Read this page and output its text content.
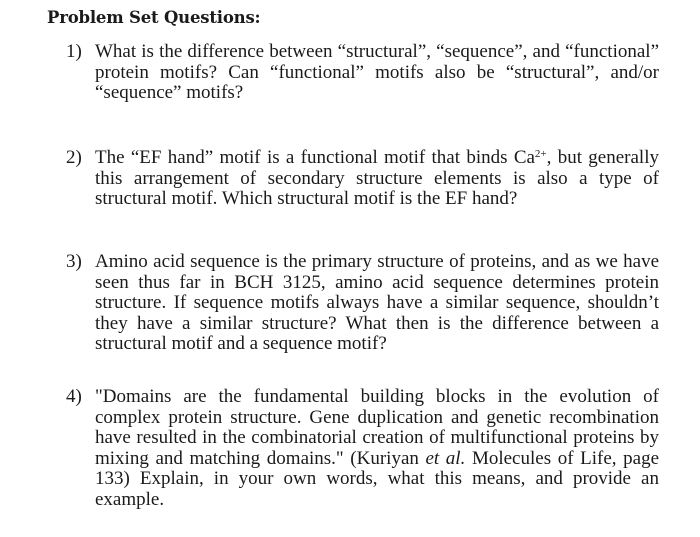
Problem Set Questions:
1) What is the difference between “structural”, “sequence”, and “functional” protein motifs? Can “functional” motifs also be “structural”, and/or “sequence” motifs?
2) The “EF hand” motif is a functional motif that binds $Ca^{2+}$, but generally this arrangement of secondary structure elements is also a type of structural motif. Which structural motif is the EF hand?
3) Amino acid sequence is the primary structure of proteins, and as we have seen thus far in BCH 3125, amino acid sequence determines protein structure. If sequence motifs always have a similar sequence, shouldn’t they have a similar structure? What then is the difference between a structural motif and a sequence motif?
4) "Domains are the fundamental building blocks in the evolution of complex protein structure. Gene duplication and genetic recombination have resulted in the combinatorial creation of multifunctional proteins by mixing and matching domains." (Kuriyan et al. Molecules of Life, page 133) Explain, in your own words, what this means, and provide an example.
